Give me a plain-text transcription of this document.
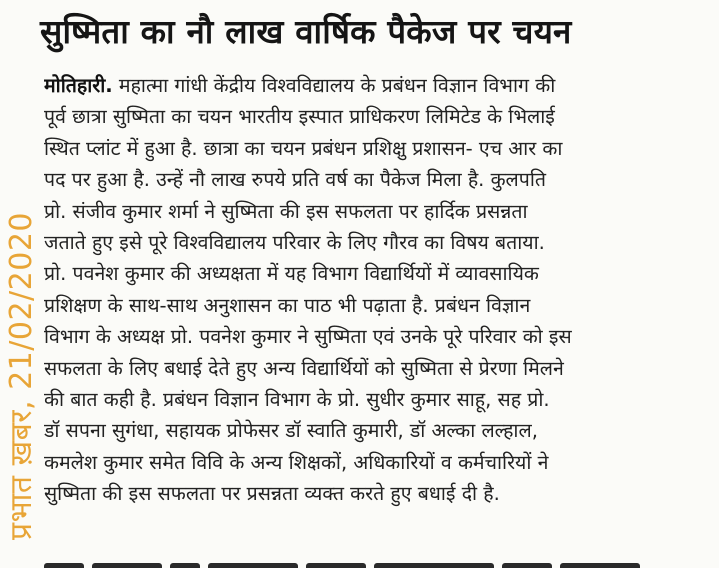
सुष्मिता का नौ लाख वार्षिक पैकेज पर चयन
प्रभात ख़बर, 21/02/2020
मोतिहारी. महात्मा गांधी केंद्रीय विश्वविद्यालय के प्रबंधन विज्ञान विभाग की
पूर्व छात्रा सुष्मिता का चयन भारतीय इस्पात प्राधिकरण लिमिटेड के भिलाई
स्थित प्लांट में हुआ है. छात्रा का चयन प्रबंधन प्रशिक्षु प्रशासन- एच आर का
पद पर हुआ है. उन्हें नौ लाख रुपये प्रति वर्ष का पैकेज मिला है. कुलपति
प्रो. संजीव कुमार शर्मा ने सुष्मिता की इस सफलता पर हार्दिक प्रसन्नता
जताते हुए इसे पूरे विश्वविद्यालय परिवार के लिए गौरव का विषय बताया.
प्रो. पवनेश कुमार की अध्यक्षता में यह विभाग विद्यार्थियों में व्यावसायिक
प्रशिक्षण के साथ-साथ अनुशासन का पाठ भी पढ़ाता है. प्रबंधन विज्ञान
विभाग के अध्यक्ष प्रो. पवनेश कुमार ने सुष्मिता एवं उनके पूरे परिवार को इस
सफलता के लिए बधाई देते हुए अन्य विद्यार्थियों को सुष्मिता से प्रेरणा मिलने
की बात कही है. प्रबंधन विज्ञान विभाग के प्रो. सुधीर कुमार साहू, सह प्रो.
डॉ सपना सुगंधा, सहायक प्रोफेसर डॉ स्वाति कुमारी, डॉ अल्का लल्हाल,
कमलेश कुमार समेत विवि के अन्य शिक्षकों, अधिकारियों व कर्मचारियों ने
सुष्मिता की इस सफलता पर प्रसन्नता व्यक्त करते हुए बधाई दी है.
